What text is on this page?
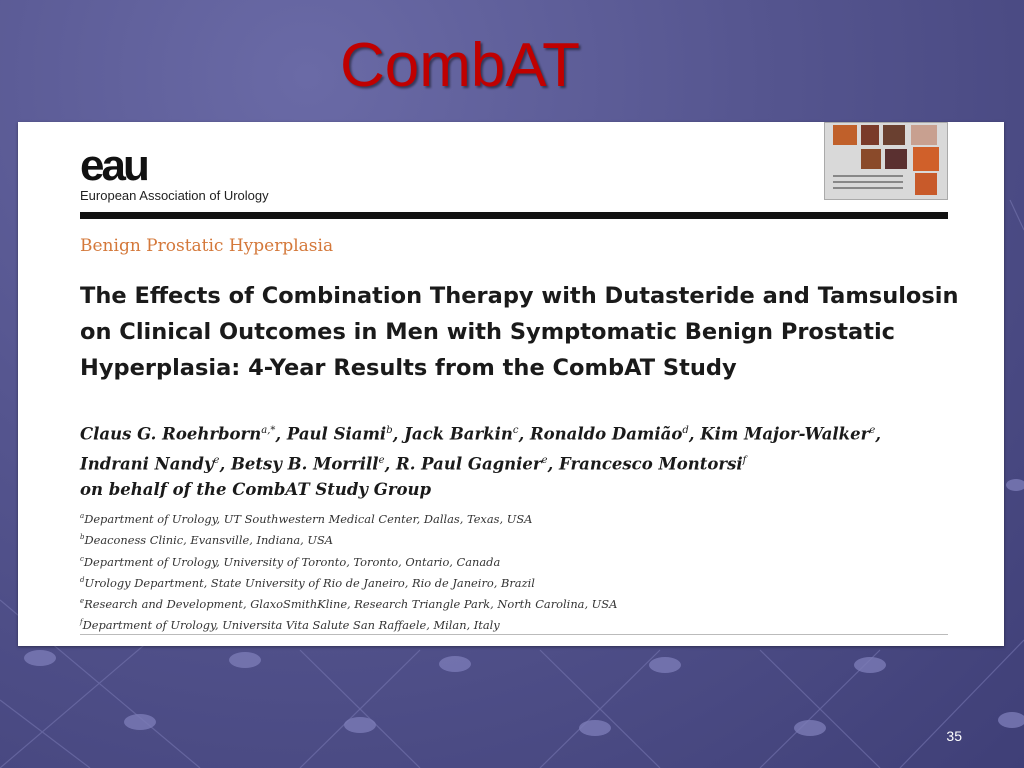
CombAT
eau
European Association of Urology
Benign Prostatic Hyperplasia
The Effects of Combination Therapy with Dutasteride and Tamsulosin on Clinical Outcomes in Men with Symptomatic Benign Prostatic Hyperplasia: 4-Year Results from the CombAT Study
Claus G. Roehrborn$^{a,*}$, Paul Siami$^b$, Jack Barkin$^c$, Ronaldo Damião$^d$, Kim Major-Walker$^e$,
Indrani Nandy$^e$, Betsy B. Morrill$^e$, R. Paul Gagnier$^e$, Francesco Montorsi$^f$
on behalf of the CombAT Study Group
$^a$Department of Urology, UT Southwestern Medical Center, Dallas, Texas, USA
$^b$Deaconess Clinic, Evansville, Indiana, USA
$^c$Department of Urology, University of Toronto, Toronto, Ontario, Canada
$^d$Urology Department, State University of Rio de Janeiro, Rio de Janeiro, Brazil
$^e$Research and Development, GlaxoSmithKline, Research Triangle Park, North Carolina, USA
$^f$Department of Urology, Universita Vita Salute San Raffaele, Milan, Italy
35
